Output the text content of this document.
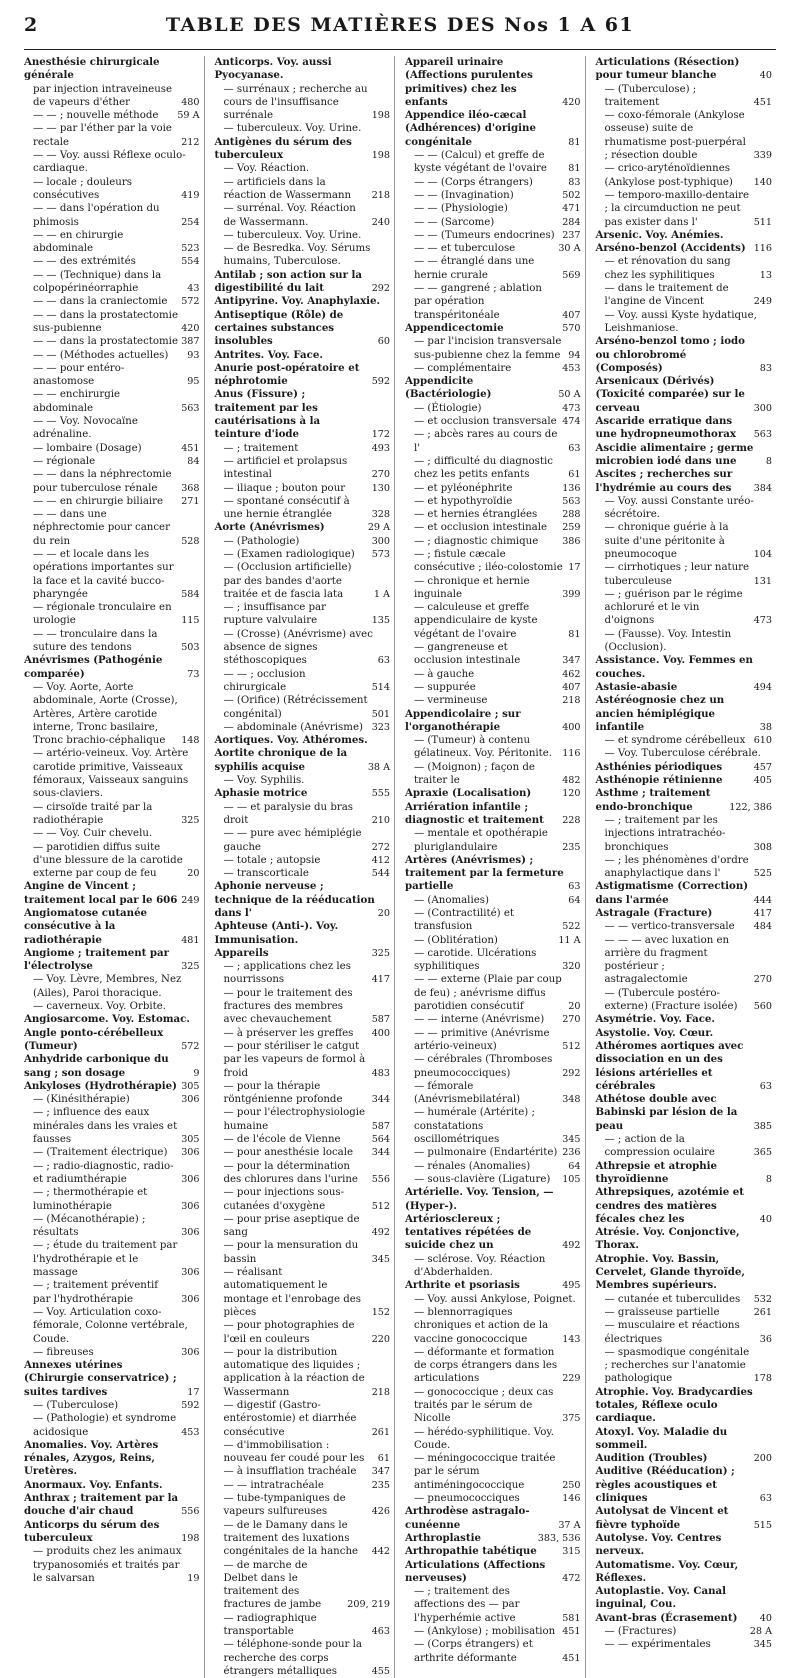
2	TABLE DES MATIÈRES DES Nos 1 A 61
Anesthésie chirurgicale générale
par injection intraveineuse de vapeurs d'éther	480
— — ; nouvelle méthode	59 A
— — par l'éther par la voie rectale	212
— — Voy. aussi Réflexe oculo-cardiaque.
— locale ; douleurs consécutives	419
— — dans l'opération du phimosis	254
— — en chirurgie abdominale	523
— — des extrémités	554
— — (Technique) dans la colpopérinéorraphie	43
— — dans la craniectomie	572
— — dans la prostatectomie sus-pubienne	420
— — dans la prostatectomie 387
— — (Méthodes actuelles)	93
— — pour entéro-anastomose	95
— — enchirurgie abdominale	563
— — Voy. Novocaïne adrénaline.
— lombaire (Dosage)	451
— régionale	84
— — dans la néphrectomie pour tuberculose rénale	368
— — en chirurgie biliaire	271
— — dans une néphrectomie pour cancer du rein	528
— — et locale dans les opérations importantes sur la face et la cavité bucco-pharyngée	584
— régionale tronculaire en urologie	115
— — tronculaire dans la suture des tendons	503
Anévrismes (Pathogénie comparée)	73
— Voy. Aorte, Aorte abdominale, Aorte (Crosse), Artères, Artère carotide interne, Tronc basilaire, Tronc brachio-céphalique	148
— artério-veineux. Voy. Artère carotide primitive, Vaisseaux fémoraux, Vaisseaux sanguins sous-claviers.
— cirsoïde traité par la radiothérapie	325
— — Voy. Cuir chevelu.
— parotidien diffus suite d'une blessure de la carotide externe par coup de feu	20
Angine de Vincent ; traitement local par le 606 249
Angiomatose cutanée consécutive à la radiothérapie	481
Angiome ; traitement par l'électrolyse	325
— Voy. Lèvre, Membres, Nez (Ailes), Paroi thoracique.
— caverneux. Voy. Orbite.
Angiosarcome. Voy. Estomac.
Angle ponto-cérébelleux (Tumeur)	572
Anhydride carbonique du sang ; son dosage	9
Ankyloses (Hydrothérapie) 305
— (Kinésithérapie)	306
— ; influence des eaux minérales dans les vraies et fausses	305
— (Traitement électrique)	306
— ; radio-diagnostic, radio- et radiumthérapie	306
— ; thermothérapie et luminothérapie	306
— (Mécanothérapie) ; résultats	306
— ; étude du traitement par l'hydrothérapie et le massage	306
— ; traitement préventif par l'hydrothérapie	306
— Voy. Articulation coxo-fémorale, Colonne vertébrale, Coude.
— fibreuses	306
Annexes utérines (Chirurgie conservatrice) ; suites tardives	17
— (Tuberculose)	592
— (Pathologie) et syndrome acidosique	453
Anomalies. Voy. Artères rénales, Azygos, Reins, Uretères.
Anormaux. Voy. Enfants.
Anthrax ; traitement par la douche d'air chaud	556
Anticorps du sérum des tuberculeux	198
— produits chez les animaux trypanosomiés et traités par le salvarsan	19
Anticorps. Voy. aussi Pyocyanase.
— surrénaux ; recherche au cours de l'insuffisance surrénale	198
— tuberculeux. Voy. Urine.
Antigènes du sérum des tuberculeux	198
— Voy. Réaction.
— artificiels dans la réaction de Wassermann	218
— surrénal. Voy. Réaction de Wassermann.	240
— tuberculeux. Voy. Urine.
— de Besredka. Voy. Sérums humains, Tuberculose.
Antilab ; son action sur la digestibilité du lait	292
Antipyrine. Voy. Anaphylaxie.
Antiseptique (Rôle) de certaines substances insolubles	60
Antrites. Voy. Face.
Anurie post-opératoire et néphrotomie	592
Anus (Fissure) ; traitement par les cautérisations à la teinture d'iode	172
— ; traitement	493
— artificiel et prolapsus intestinal	270
— iliaque ; bouton pour	130
— spontané consécutif à une hernie étranglée	328
Aorte (Anévrismes)	29 A
— (Pathologie)	300
— (Examen radiologique)	573
— (Occlusion artificielle) par des bandes d'aorte traitée et de fascia lata	1 A
— ; insuffisance par rupture valvulaire	135
— (Crosse) (Anévrisme) avec absence de signes stéthoscopiques	63
— — ; occlusion chirurgicale	514
— (Orifice) (Rétrécissement congénital)	501
— abdominale (Anévrisme) 323
Aortiques. Voy. Athéromes.
Aortite chronique de la syphilis acquise	38 A
— Voy. Syphilis.
Aphasie motrice	555
— — et paralysie du bras droit	210
— — pure avec hémiplégie gauche	272
— totale ; autopsie	412
— transcorticale	544
Aphonie nerveuse ; technique de la rééducation dans l'	20
Aphteuse (Anti-). Voy. Immunisation.
Appareils	325
— ; applications chez les nourrissons	417
— pour le traitement des fractures des membres avec chevauchement	587
— à préserver les greffes	400
— pour stériliser le catgut par les vapeurs de formol à froid	483
— pour la thérapie röntgénienne profonde	344
— pour l'électrophysiologie humaine	587
— de l'école de Vienne	564
— pour anesthésie locale	344
— pour la détermination des chlorures dans l'urine	556
— pour injections sous-cutanées d'oxygène	512
— pour prise aseptique de sang	492
— pour la mensuration du bassin	345
— réalisant automatiquement le montage et l'enrobage des pièces	152
— pour photographies de l'œil en couleurs	220
— pour la distribution automatique des liquides ; application à la réaction de Wassermann	218
— digestif (Gastro-entérostomie) et diarrhée consécutive	261
— d'immobilisation : nouveau fer coudé pour les	61
— à insufflation trachéale	347
— — intratrachéale	235
— tube-tympaniques de vapeurs sulfureuses	426
— de le Damany dans le traitement des luxations congénitales de la hanche	442
— de marche de Delbet dans le traitement des fractures de jambe	209, 219
— radiographique transportable	463
— téléphone-sonde pour la recherche des corps étrangers métalliques	455
Appareil urinaire (Affections purulentes primitives) chez les enfants	420
Appendice iléo-cæcal (Adhérences) d'origine congénitale	81
— — (Calcul) et greffe de kyste végétant de l'ovaire	81
— — (Corps étrangers)	83
— — (Invagination)	502
— — (Physiologie)	471
— — (Sarcome)	284
— — (Tumeurs endocrines) 237
— — et tuberculose	30 A
— — étranglé dans une hernie crurale	569
— — gangrené ; ablation par opération transpéritonéale	407
Appendicectomie	570
— par l'incision transversale sus-pubienne chez la femme 94
— complémentaire	453
Appendicite (Bactériologie)	50 A
— (Étiologie)	473
— et occlusion transversale 474
— ; abcès rares au cours de l'	63
— ; difficulté du diagnostic chez les petits enfants	61
— et pyléonéphrite	136
— et hypothyroïdie	563
— et hernies étranglées	288
— et occlusion intestinale	259
— ; diagnostic chimique	386
— ; fistule cæcale consécutive ; iléo-colostomie 17
— chronique et hernie inguinale	399
— calculeuse et greffe appendiculaire de kyste végétant de l'ovaire	81
— gangreneuse et occlusion intestinale	347
— à gauche	462
— suppurée	407
— vermineuse	218
Appendicolaire ; sur l'organothérapie	400
— (Tumeur) à contenu gélatineux. Voy. Péritonite.	116
— (Moignon) ; façon de traiter le	482
Apraxie (Localisation)	120
Arriération infantile ; diagnostic et traitement	228
— mentale et opothérapie pluriglandulaire	235
Artères (Anévrismes) ; traitement par la fermeture partielle	63
— (Anomalies)	64
— (Contractilité) et transfusion	522
— (Oblitération)	11 A
— carotide. Ulcérations syphilitiques	320
— — externe (Plaie par coup de feu) ; anévrisme diffus parotidien consécutif	20
— — interne (Anévrisme)	270
— — primitive (Anévrisme artério-veineux)	512
— cérébrales (Thromboses pneumococciques)	292
— fémorale (Anévrismebilatéral)	348
— humérale (Artérite) ; constatations oscillométriques	345
— pulmonaire (Endartérite) 236
— rénales (Anomalies)	64
— sous-clavière (Ligature)	105
Artérielle. Voy. Tension, — (Hyper-).
Artériosclereux ; tentatives répétées de suicide chez un	492
— sclérose. Voy. Réaction d'Abderhalden.
Arthrite et psoriasis	495
— Voy. aussi Ankylose, Poignet.
— blennorragiques chroniques et action de la vaccine gonococcique	143
— déformante et formation de corps étrangers dans les articulations	229
— gonococcique ; deux cas traités par le sérum de Nicolle	375
— hérédo-syphilitique. Voy. Coude.
— méningococcique traitée par le sérum antiméningococcique	250
— pneumococciques	146
Arthrodèse astragalo-cunéenne	37 A
Arthroplastie	383, 536
Arthropathie tabétique	315
Articulations (Affections nerveuses)	472
— ; traitement des affections des — par l'hyperhémie active	581
— (Ankylose) ; mobilisation 451
— (Corps étrangers) et arthrite déformante	451
Articulations (Résection) pour tumeur blanche	40
— (Tuberculose) ; traitement	451
— coxo-fémorale (Ankylose osseuse) suite de rhumatisme post-puerpéral ; résection double	339
— crico-aryténoïdiennes (Ankylose post-typhique)	140
— temporo-maxillo-dentaire ; la circumduction ne peut pas exister dans l'	511
Arsenic. Voy. Anémies.
Arséno-benzol (Accidents) 116
— et rénovation du sang chez les syphilitiques	13
— dans le traitement de l'angine de Vincent	249
— Voy. aussi Kyste hydatique, Leishmaniose.
Arséno-benzol tomo ; iodo ou chlorobromé (Composés)	83
Arsenicaux (Dérivés) (Toxicité comparée) sur le cerveau	300
Ascaride erratique dans une hydropneumothorax	563
Ascidie alimentaire ; germe microbien iodé dans une	8
Ascites ; recherches sur l'hydrémie au cours des	384
— Voy. aussi Constante uréo-sécrétoire.
— chronique guérie à la suite d'une péritonite à pneumocoque	104
— cirrhotiques ; leur nature tuberculeuse	131
— ; guérison par le régime achloruré et le vin d'oignons	473
— (Fausse). Voy. Intestin (Occlusion).
Assistance. Voy. Femmes en couches.
Astasie-abasie	494
Astéréognosie chez un ancien hémiplégique infantile	38
— et syndrome cérébelleux 610
— Voy. Tuberculose cérébrale.
Asthénies périodiques	457
Asthénopie rétinienne	405
Asthme ; traitement endo-bronchique	122, 386
— ; traitement par les injections intratrachéo-bronchiques	308
— ; les phénomènes d'ordre anaphylactique dans l'	525
Astigmatisme (Correction) dans l'armée	444
Astragale (Fracture)	417
— — vertico-transversale	484
— — — avec luxation en arrière du fragment postérieur ; astragalectomie	270
— (Tubercule postéro-externe) (Fracture isolée)	560
Asymétrie. Voy. Face.
Asystolie. Voy. Cœur.
Athéromes aortiques avec dissociation en un des lésions artérielles et cérébrales	63
Athétose double avec Babinski par lésion de la peau	385
— ; action de la compression oculaire	365
Athrepsie et atrophie thyroïdienne	8
Athrepsiques, azotémie et cendres des matières fécales chez les	40
Atrésie. Voy. Conjonctive, Thorax.
Atrophie. Voy. Bassin, Cervelet, Glande thyroïde, Membres supérieurs.
— cutanée et tuberculides	532
— graisseuse partielle	261
— musculaire et réactions électriques	36
— spasmodique congénitale ; recherches sur l'anatomie pathologique	178
Atrophie. Voy. Bradycardies totales, Réflexe oculo cardiaque.
Atoxyl. Voy. Maladie du sommeil.
Audition (Troubles)	200
Auditive (Rééducation) ; règles acoustiques et cliniques	63
Autolysat de Vincent et fièvre typhoïde	515
Autolyse. Voy. Centres nerveux.
Automatisme. Voy. Cœur, Réflexes.
Autoplastie. Voy. Canal inguinal, Cou.
Avant-bras (Écrasement)	40
— (Fractures)	28 A
— — expérimentales	345
